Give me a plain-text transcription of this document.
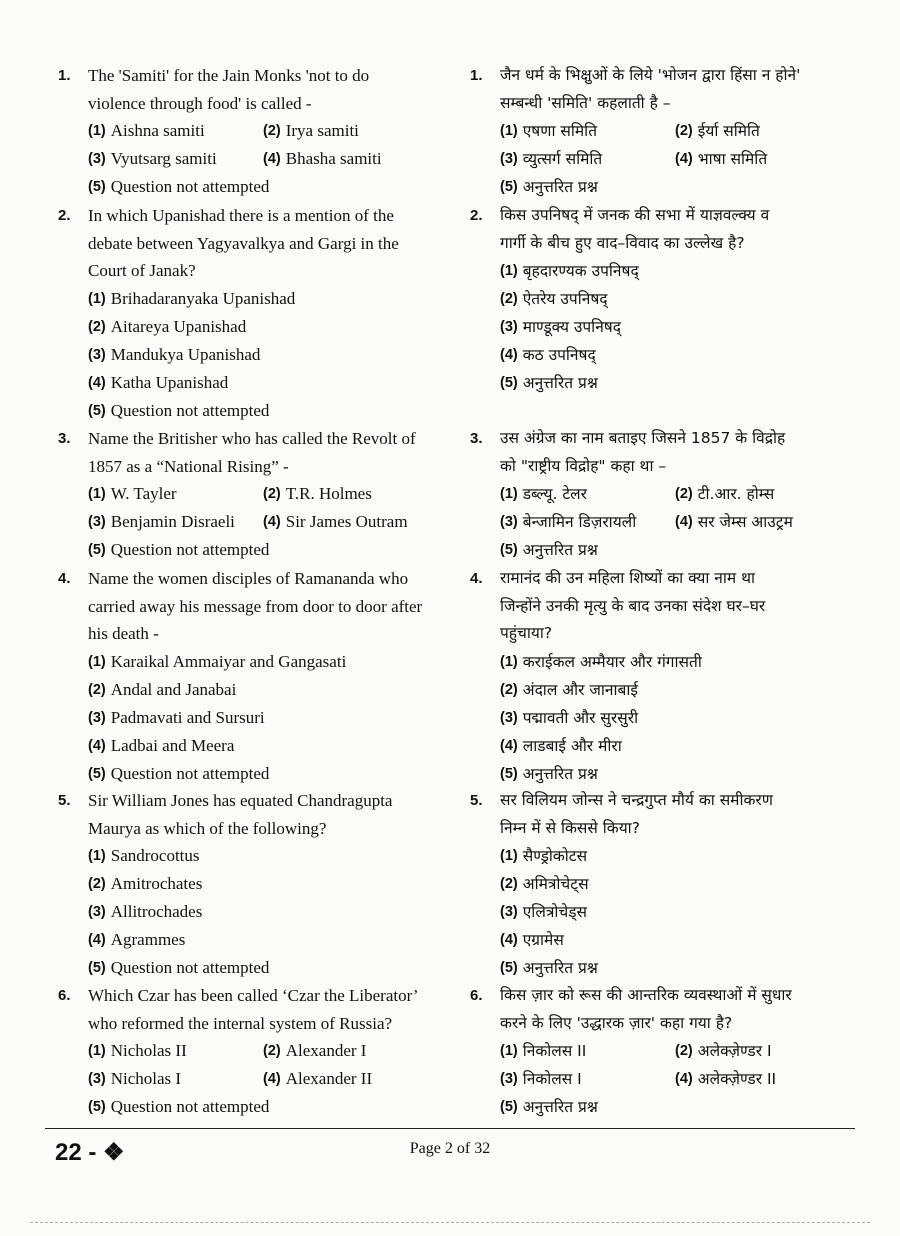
1. The 'Samiti' for the Jain Monks 'not to do
violence through food' is called -
(1) Aishna samiti	(2) Irya samiti
(3) Vyutsarg samiti	(4) Bhasha samiti
(5) Question not attempted
2. In which Upanishad there is a mention of the
debate between Yagyavalkya and Gargi in the
Court of Janak?
(1) Brihadaranyaka Upanishad
(2) Aitareya Upanishad
(3) Mandukya Upanishad
(4) Katha Upanishad
(5) Question not attempted
3. Name the Britisher who has called the Revolt of
1857 as a “National Rising” -
(1) W. Tayler	(2) T.R. Holmes
(3) Benjamin Disraeli (4) Sir James Outram
(5) Question not attempted
4. Name the women disciples of Ramananda who
carried away his message from door to door after
his death -
(1) Karaikal Ammaiyar and Gangasati
(2) Andal and Janabai
(3) Padmavati and Sursuri
(4) Ladbai and Meera
(5) Question not attempted
5. Sir William Jones has equated Chandragupta
Maurya as which of the following?
(1) Sandrocottus
(2) Amitrochates
(3) Allitrochades
(4) Agrammes
(5) Question not attempted
6. Which Czar has been called ‘Czar the Liberator’
who reformed the internal system of Russia?
(1) Nicholas II	(2) Alexander I
(3) Nicholas I	(4) Alexander II
(5) Question not attempted
1. जैन धर्म के भिक्षुओं के लिये 'भोजन द्वारा हिंसा न होने'
सम्बन्धी 'समिति' कहलाती है –
(1) एषणा समिति	(2) ईर्या समिति
(3) व्युत्सर्ग समिति	(4) भाषा समिति
(5) अनुत्तरित प्रश्न
2. किस उपनिषद् में जनक की सभा में याज्ञवल्क्य व
गार्गी के बीच हुए वाद–विवाद का उल्लेख है?
(1) बृहदारण्यक उपनिषद्
(2) ऐतरेय उपनिषद्
(3) माण्डूक्य उपनिषद्
(4) कठ उपनिषद्
(5) अनुत्तरित प्रश्न
3. उस अंग्रेज का नाम बताइए जिसने 1857 के विद्रोह
को "राष्ट्रीय विद्रोह" कहा था –
(1) डब्ल्यू. टेलर	(2) टी.आर. होम्स
(3) बेन्जामिन डिज़रायली	(4) सर जेम्स आउट्रम
(5) अनुत्तरित प्रश्न
4. रामानंद की उन महिला शिष्यों का क्या नाम था
जिन्होंने उनकी मृत्यु के बाद उनका संदेश घर–घर
पहुंचाया?
(1) कराईकल अम्मैयार और गंगासती
(2) अंदाल और जानाबाई
(3) पद्मावती और सुरसुरी
(4) लाडबाई और मीरा
(5) अनुत्तरित प्रश्न
5. सर विलियम जोन्स ने चन्द्रगुप्त मौर्य का समीकरण
निम्न में से किससे किया?
(1) सैण्ड्रोकोटस
(2) अमित्रोचेट्स
(3) एलित्रोचेड्स
(4) एग्रामेस
(5) अनुत्तरित प्रश्न
6. किस ज़ार को रूस की आन्तरिक व्यवस्थाओं में सुधार
करने के लिए 'उद्धारक ज़ार' कहा गया है?
(1) निकोलस II	(2) अलेक्ज़ेण्डर I
(3) निकोलस I	(4) अलेक्ज़ेण्डर II
(5) अनुत्तरित प्रश्न
22 - ❖	Page 2 of 32
